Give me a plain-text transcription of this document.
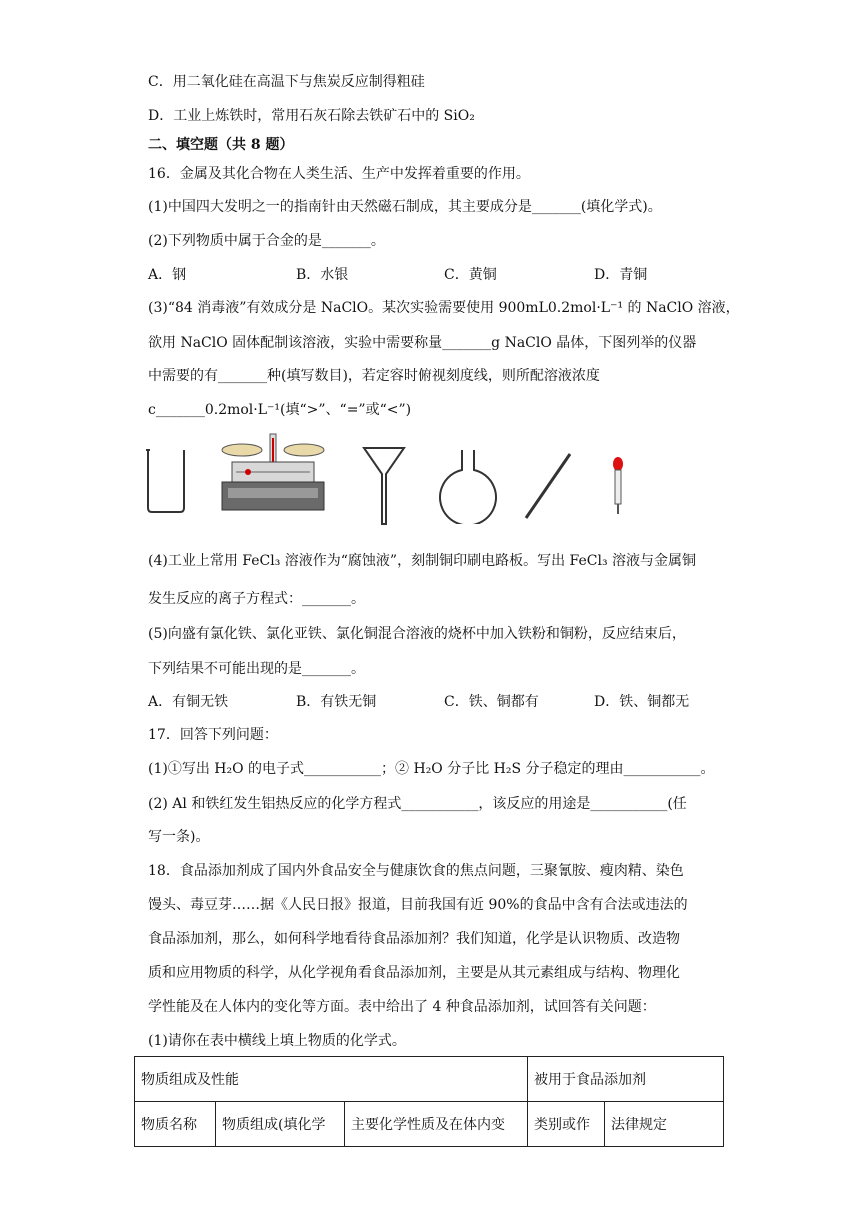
C．用二氧化硅在高温下与焦炭反应制得粗硅
D．工业上炼铁时，常用石灰石除去铁矿石中的 SiO₂
二、填空题（共 8 题）
16．金属及其化合物在人类生活、生产中发挥着重要的作用。
(1)中国四大发明之一的指南针由天然磁石制成，其主要成分是_______(填化学式)。
(2)下列物质中属于合金的是_______。
A．钢	B．水银	C．黄铜	D．青铜
(3)“84 消毒液”有效成分是 NaClO。某次实验需要使用 900mL0.2mol·L⁻¹ 的 NaClO 溶液，
欲用 NaClO 固体配制该溶液，实验中需要称量_______g NaClO 晶体，下图列举的仪器
中需要的有_______种(填写数目)，若定容时俯视刻度线，则所配溶液浓度
c_______0.2mol·L⁻¹(填“>”、“=”或“<”)
(4)工业上常用 FeCl₃ 溶液作为“腐蚀液”，刻制铜印刷电路板。写出 FeCl₃ 溶液与金属铜
发生反应的离子方程式：_______。
(5)向盛有氯化铁、氯化亚铁、氯化铜混合溶液的烧杯中加入铁粉和铜粉，反应结束后，
下列结果不可能出现的是_______。
A．有铜无铁	B．有铁无铜	C．铁、铜都有	D．铁、铜都无
17．回答下列问题：
(1)①写出 H₂O 的电子式___________；② H₂O 分子比 H₂S 分子稳定的理由___________。
(2) Al 和铁红发生铝热反应的化学方程式___________，该反应的用途是___________(任
写一条)。
18．食品添加剂成了国内外食品安全与健康饮食的焦点问题，三聚氰胺、瘦肉精、染色
馒头、毒豆芽……据《人民日报》报道，目前我国有近 90%的食品中含有合法或违法的
食品添加剂，那么，如何科学地看待食品添加剂？我们知道，化学是认识物质、改造物
质和应用物质的科学，从化学视角看食品添加剂，主要是从其元素组成与结构、物理化
学性能及在人体内的变化等方面。表中给出了 4 种食品添加剂，试回答有关问题：
(1)请你在表中横线上填上物质的化学式。
物质组成及性能			被用于食品添加剂	
物质名称	物质组成(填化学	主要化学性质及在体内变	类别或作	法律规定
